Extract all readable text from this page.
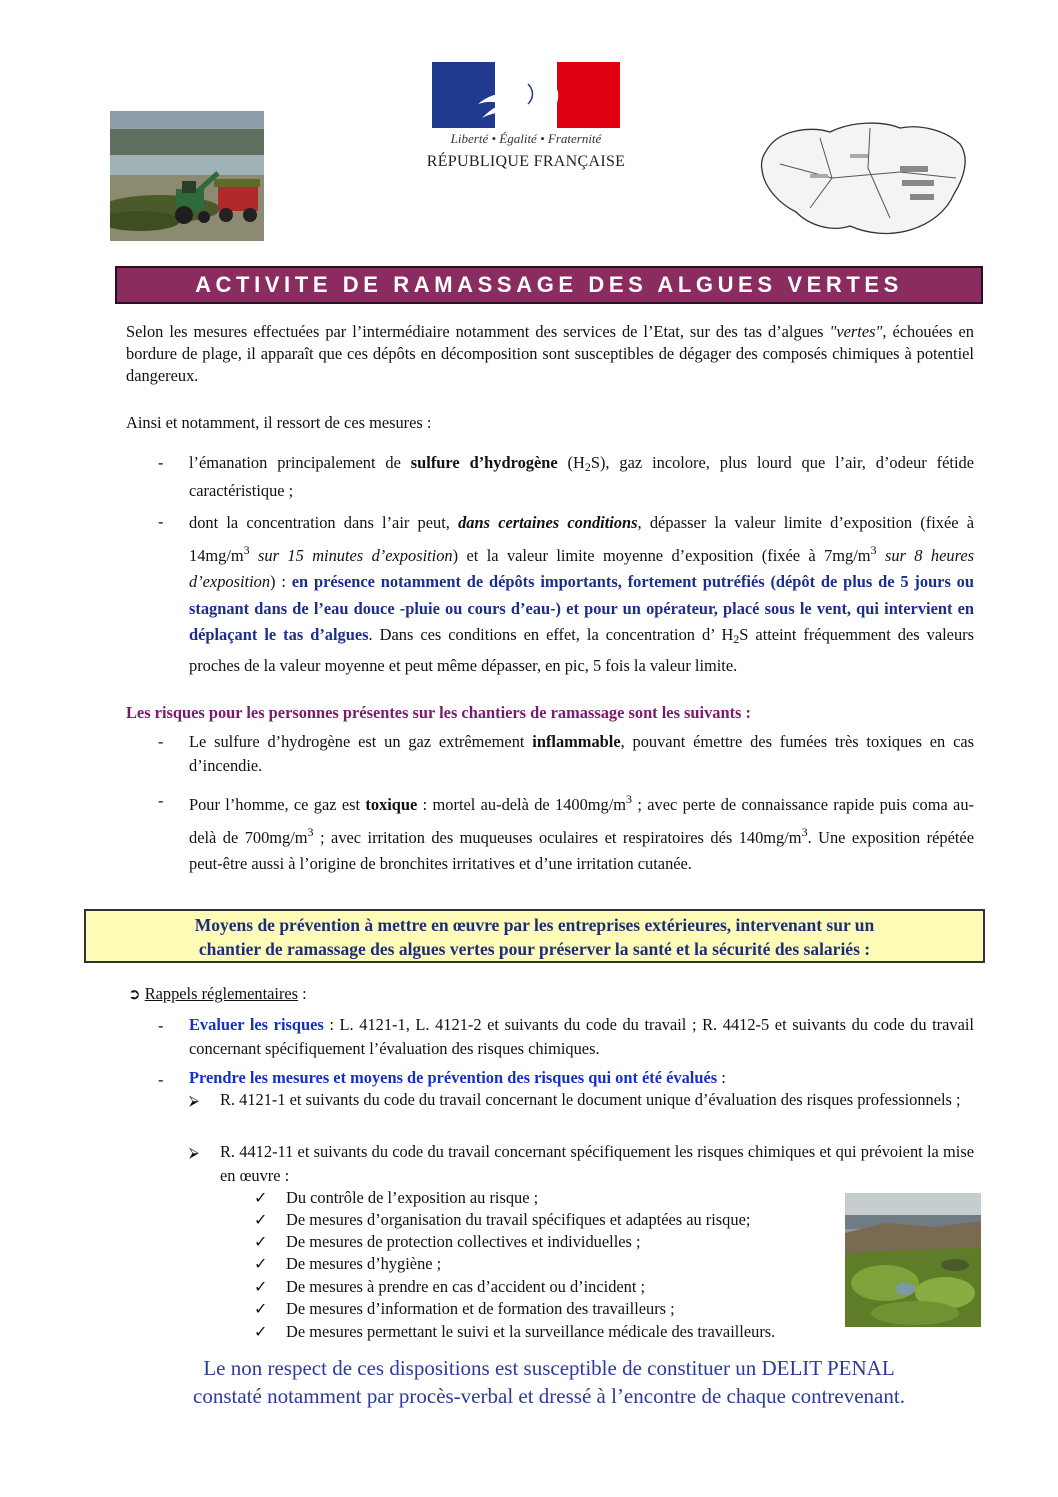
Liberté • Égalité • Fraternité
RÉPUBLIQUE FRANÇAISE
ACTIVITE DE RAMASSAGE DES ALGUES VERTES
Selon les mesures effectuées par l’intermédiaire notamment des services de l’Etat, sur des tas d’algues "vertes", échouées en bordure de plage, il apparaît que ces dépôts en décomposition sont susceptibles de dégager des composés chimiques à potentiel dangereux.
Ainsi et notamment, il ressort de ces mesures :
- l’émanation principalement de sulfure d’hydrogène $(H_2S)$, gaz incolore, plus lourd que l’air, d’odeur fétide caractéristique ;
- dont la concentration dans l’air peut, dans certaines conditions, dépasser la valeur limite d’exposition (fixée à $14mg/m^3$ sur 15 minutes d’exposition) et la valeur limite moyenne d’exposition (fixée à $7mg/m^3$ sur 8 heures d’exposition) : en présence notamment de dépôts importants, fortement putréfiés (dépôt de plus de 5 jours ou stagnant dans de l’eau douce -pluie ou cours d’eau-) et pour un opérateur, placé sous le vent, qui intervient en déplaçant le tas d’algues. Dans ces conditions en effet, la concentration d’ $H_2S$ atteint fréquemment des valeurs proches de la valeur moyenne et peut même dépasser, en pic, 5 fois la valeur limite.
Les risques pour les personnes présentes sur les chantiers de ramassage sont les suivants :
- Le sulfure d’hydrogène est un gaz extrêmement inflammable, pouvant émettre des fumées très toxiques en cas d’incendie.
- Pour l’homme, ce gaz est toxique : mortel au-delà de $1400mg/m^3$ ; avec perte de connaissance rapide puis coma au-delà de $700mg/m^3$ ; avec irritation des muqueuses oculaires et respiratoires dés $140mg/m^3$. Une exposition répétée peut-être aussi à l’origine de bronchites irritatives et d’une irritation cutanée.
Moyens de prévention à mettre en œuvre par les entreprises extérieures, intervenant sur un
chantier de ramassage des algues vertes pour préserver la santé et la sécurité des salariés :
➲ Rappels réglementaires :
- Evaluer les risques : L. 4121-1, L. 4121-2 et suivants du code du travail ; R. 4412-5 et suivants du code du travail concernant spécifiquement l’évaluation des risques chimiques.
- Prendre les mesures et moyens de prévention des risques qui ont été évalués :
⮚ R. 4121-1 et suivants du code du travail concernant le document unique d’évaluation des risques professionnels ;
⮚ R. 4412-11 et suivants du code du travail concernant spécifiquement les risques chimiques et qui prévoient la mise en œuvre :
✓ Du contrôle de l’exposition au risque ;
✓ De mesures d’organisation du travail spécifiques et adaptées au risque;
✓ De mesures de protection collectives et individuelles ;
✓ De mesures d’hygiène ;
✓ De mesures à prendre en cas d’accident ou d’incident ;
✓ De mesures d’information et de formation des travailleurs ;
✓ De mesures permettant le suivi et la surveillance médicale des travailleurs.
Le non respect de ces dispositions est susceptible de constituer un DELIT PENAL
constaté notamment par procès-verbal et dressé à l’encontre de chaque contrevenant.
